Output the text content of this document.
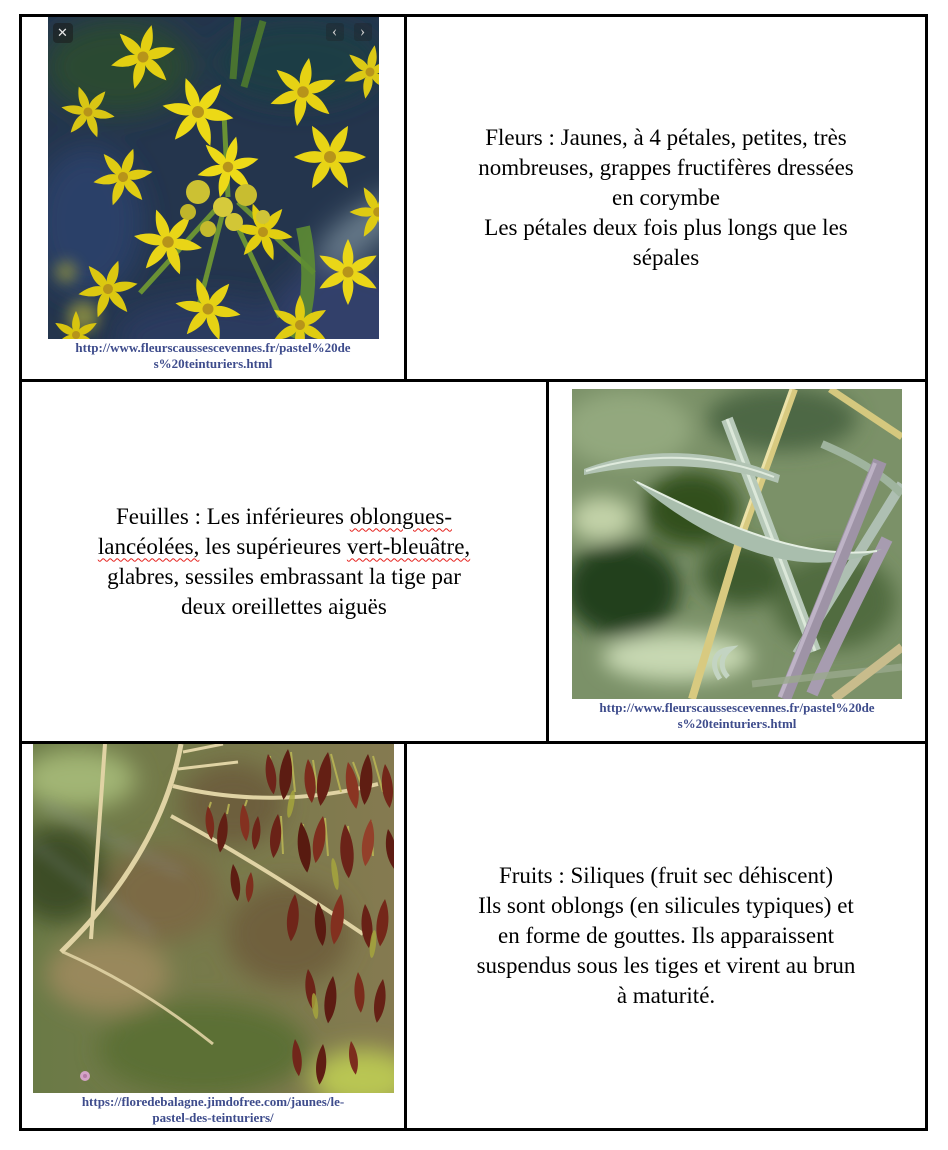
✕	‹	›
http://www.fleurscaussescevennes.fr/pastel%20de
s%20teinturiers.html
Fleurs : Jaunes, à 4 pétales, petites, très
nombreuses, grappes fructifères dressées
en corymbe
Les pétales deux fois plus longs que les
sépales
Feuilles : Les inférieures oblongues-
lancéolées, les supérieures vert-bleuâtre,
glabres, sessiles embrassant la tige par
deux oreillettes aiguës
http://www.fleurscaussescevennes.fr/pastel%20de
s%20teinturiers.html
https://floredebalagne.jimdofree.com/jaunes/le-
pastel-des-teinturiers/
Fruits : Siliques (fruit sec déhiscent)
Ils sont oblongs (en silicules typiques) et
en forme de gouttes. Ils apparaissent
suspendus sous les tiges et virent au brun
à maturité.
